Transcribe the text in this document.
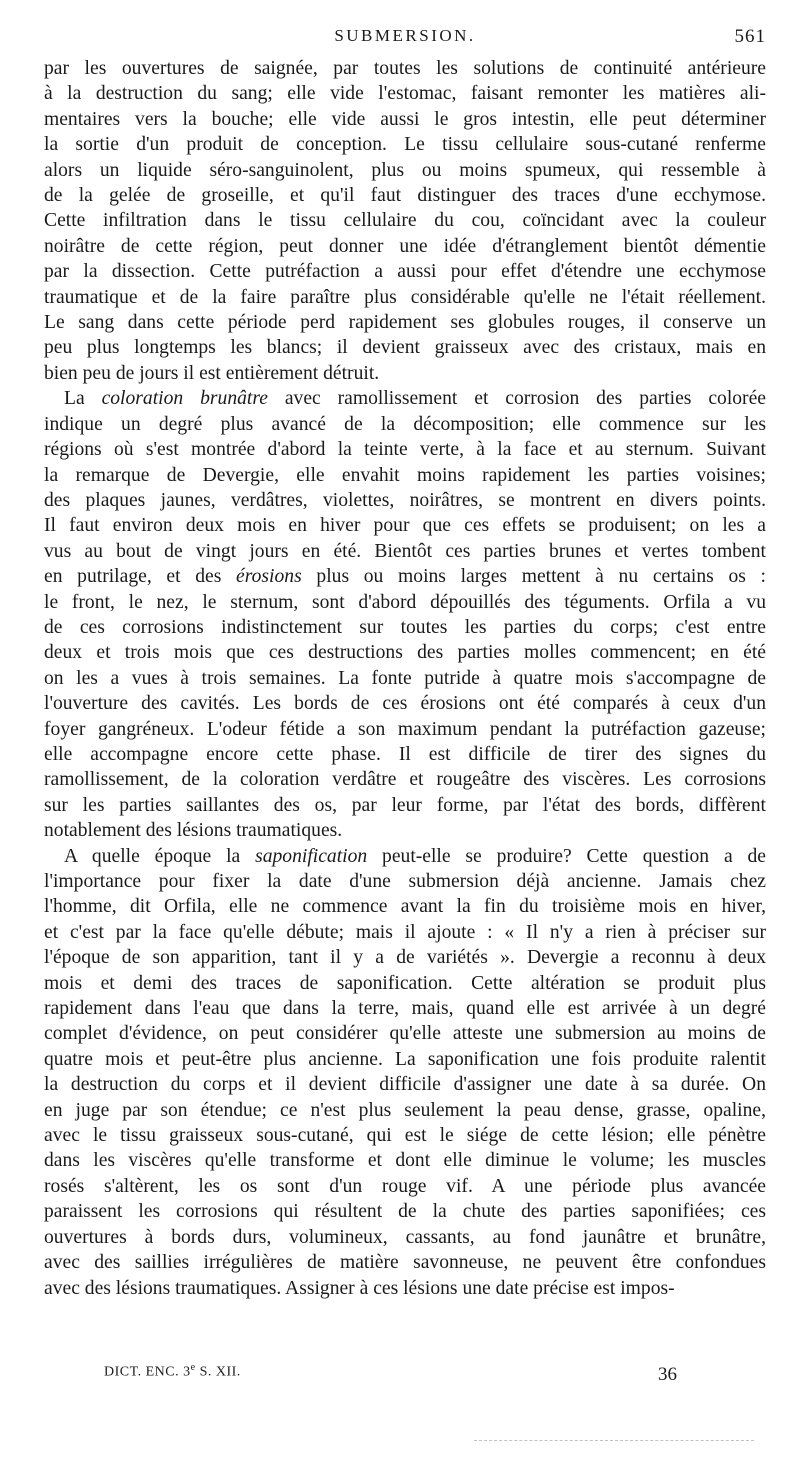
SUBMERSION.	561
par les ouvertures de saignée, par toutes les solutions de continuité antérieure
à la destruction du sang; elle vide l'estomac, faisant remonter les matières ali-
mentaires vers la bouche; elle vide aussi le gros intestin, elle peut déterminer
la sortie d'un produit de conception. Le tissu cellulaire sous-cutané renferme
alors un liquide séro-sanguinolent, plus ou moins spumeux, qui ressemble à
de la gelée de groseille, et qu'il faut distinguer des traces d'une ecchymose.
Cette infiltration dans le tissu cellulaire du cou, coïncidant avec la couleur
noirâtre de cette région, peut donner une idée d'étranglement bientôt démentie
par la dissection. Cette putréfaction a aussi pour effet d'étendre une ecchymose
traumatique et de la faire paraître plus considérable qu'elle ne l'était réellement.
Le sang dans cette période perd rapidement ses globules rouges, il conserve un
peu plus longtemps les blancs; il devient graisseux avec des cristaux, mais en
bien peu de jours il est entièrement détruit.
La coloration brunâtre avec ramollissement et corrosion des parties colorée
indique un degré plus avancé de la décomposition; elle commence sur les
régions où s'est montrée d'abord la teinte verte, à la face et au sternum. Suivant
la remarque de Devergie, elle envahit moins rapidement les parties voisines;
des plaques jaunes, verdâtres, violettes, noirâtres, se montrent en divers points.
Il faut environ deux mois en hiver pour que ces effets se produisent; on les a
vus au bout de vingt jours en été. Bientôt ces parties brunes et vertes tombent
en putrilage, et des érosions plus ou moins larges mettent à nu certains os :
le front, le nez, le sternum, sont d'abord dépouillés des téguments. Orfila a vu
de ces corrosions indistinctement sur toutes les parties du corps; c'est entre
deux et trois mois que ces destructions des parties molles commencent; en été
on les a vues à trois semaines. La fonte putride à quatre mois s'accompagne de
l'ouverture des cavités. Les bords de ces érosions ont été comparés à ceux d'un
foyer gangréneux. L'odeur fétide a son maximum pendant la putréfaction gazeuse;
elle accompagne encore cette phase. Il est difficile de tirer des signes du
ramollissement, de la coloration verdâtre et rougeâtre des viscères. Les corrosions
sur les parties saillantes des os, par leur forme, par l'état des bords, diffèrent
notablement des lésions traumatiques.
A quelle époque la saponification peut-elle se produire? Cette question a de
l'importance pour fixer la date d'une submersion déjà ancienne. Jamais chez
l'homme, dit Orfila, elle ne commence avant la fin du troisième mois en hiver,
et c'est par la face qu'elle débute; mais il ajoute : « Il n'y a rien à préciser sur
l'époque de son apparition, tant il y a de variétés ». Devergie a reconnu à deux
mois et demi des traces de saponification. Cette altération se produit plus
rapidement dans l'eau que dans la terre, mais, quand elle est arrivée à un degré
complet d'évidence, on peut considérer qu'elle atteste une submersion au moins de
quatre mois et peut-être plus ancienne. La saponification une fois produite ralentit
la destruction du corps et il devient difficile d'assigner une date à sa durée. On
en juge par son étendue; ce n'est plus seulement la peau dense, grasse, opaline,
avec le tissu graisseux sous-cutané, qui est le siége de cette lésion; elle pénètre
dans les viscères qu'elle transforme et dont elle diminue le volume; les muscles
rosés s'altèrent, les os sont d'un rouge vif. A une période plus avancée
paraissent les corrosions qui résultent de la chute des parties saponifiées; ces
ouvertures à bords durs, volumineux, cassants, au fond jaunâtre et brunâtre,
avec des saillies irrégulières de matière savonneuse, ne peuvent être confondues
avec des lésions traumatiques. Assigner à ces lésions une date précise est impos-
DICT. ENC. 3e S. XII.	36
